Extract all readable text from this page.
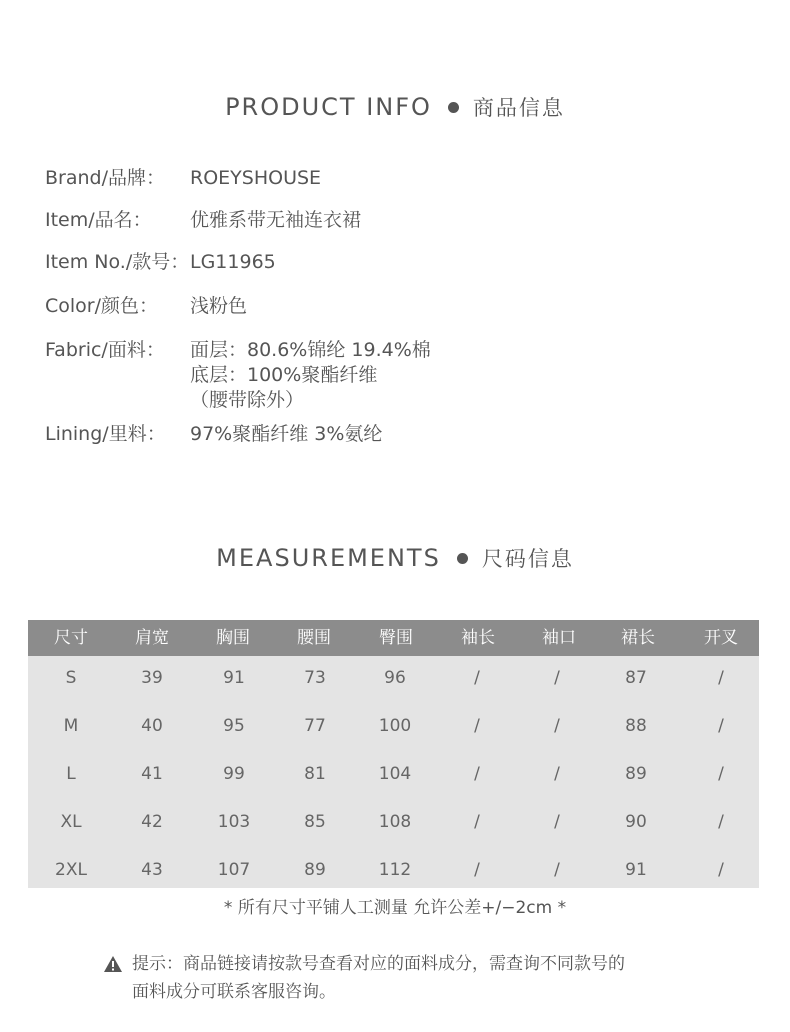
PRODUCT INFO 商品信息
Brand/品牌： ROEYSHOUSE
Item/品名： 优雅系带无袖连衣裙
Item No./款号： LG11965
Color/颜色： 浅粉色
Fabric/面料： 面层：80.6%锦纶 19.4%棉
底层：100%聚酯纤维
（腰带除外）
Lining/里料： 97%聚酯纤维 3%氨纶
MEASUREMENTS 尺码信息
尺寸	肩宽	胸围	腰围	臀围	袖长	袖口	裙长	开叉
S	39	91	73	96	/	/	87	/
M	40	95	77	100	/	/	88	/
L	41	99	81	104	/	/	89	/
XL	42	103	85	108	/	/	90	/
2XL	43	107	89	112	/	/	91	/
* 所有尺寸平铺人工测量 允许公差+/−2cm *
提示：商品链接请按款号查看对应的面料成分，需查询不同款号的
面料成分可联系客服咨询。
